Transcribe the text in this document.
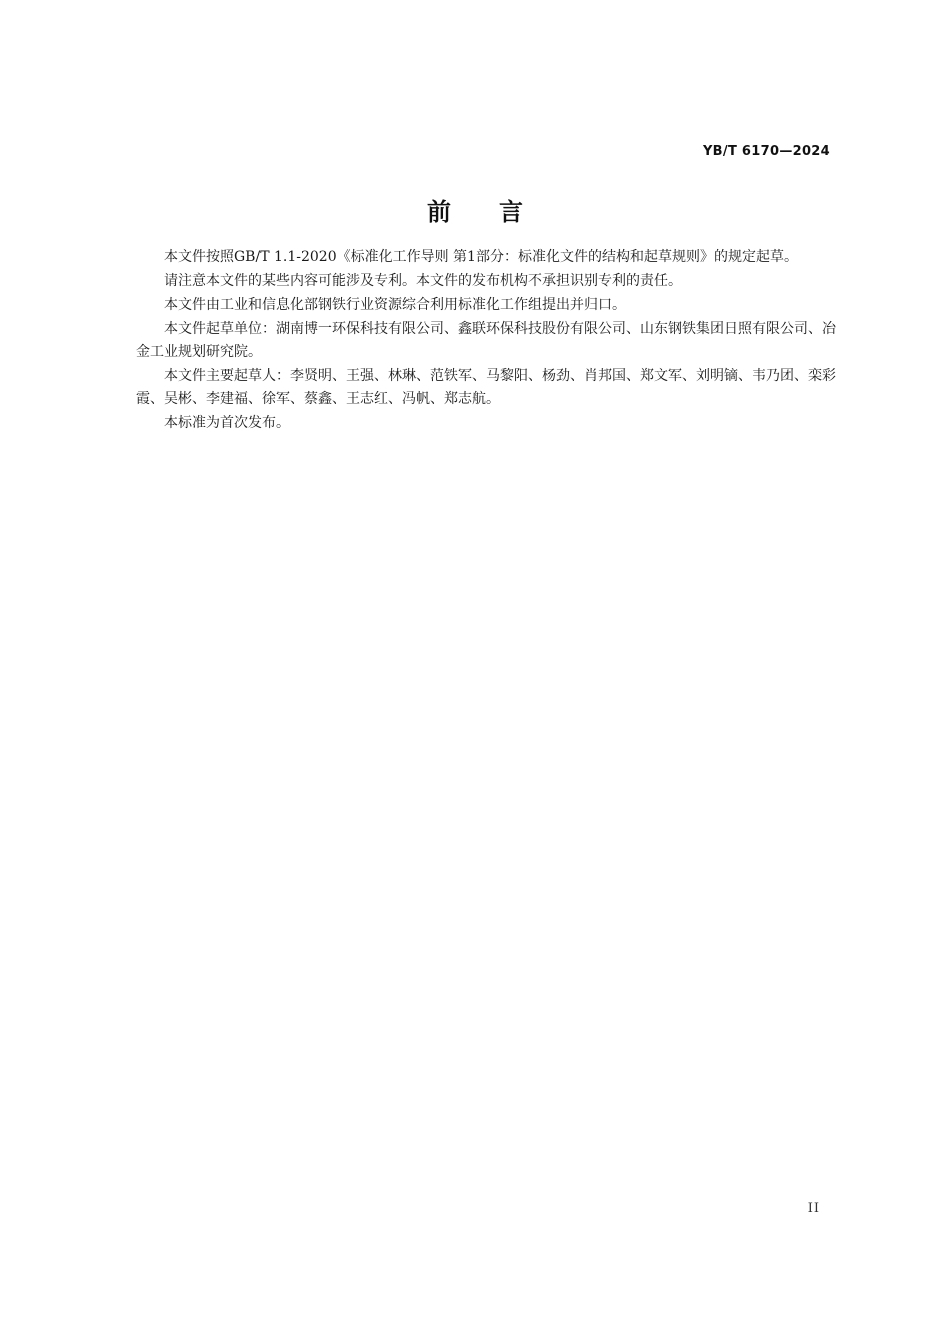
YB/T 6170—2024
前言

本文件按照GB/T 1.1-2020《标准化工作导则 第1部分：标准化文件的结构和起草规则》的规定起草。

请注意本文件的某些内容可能涉及专利。本文件的发布机构不承担识别专利的责任。

本文件由工业和信息化部钢铁行业资源综合利用标准化工作组提出并归口。

本文件起草单位：湖南博一环保科技有限公司、鑫联环保科技股份有限公司、山东钢铁集团日照有限公司、冶金工业规划研究院。

本文件主要起草人：李贤明、王强、林琳、范铁军、马黎阳、杨劲、肖邦国、郑文军、刘明镝、韦乃团、栾彩霞、吴彬、李建福、徐军、蔡鑫、王志红、冯帆、郑志航。

本标准为首次发布。

II
